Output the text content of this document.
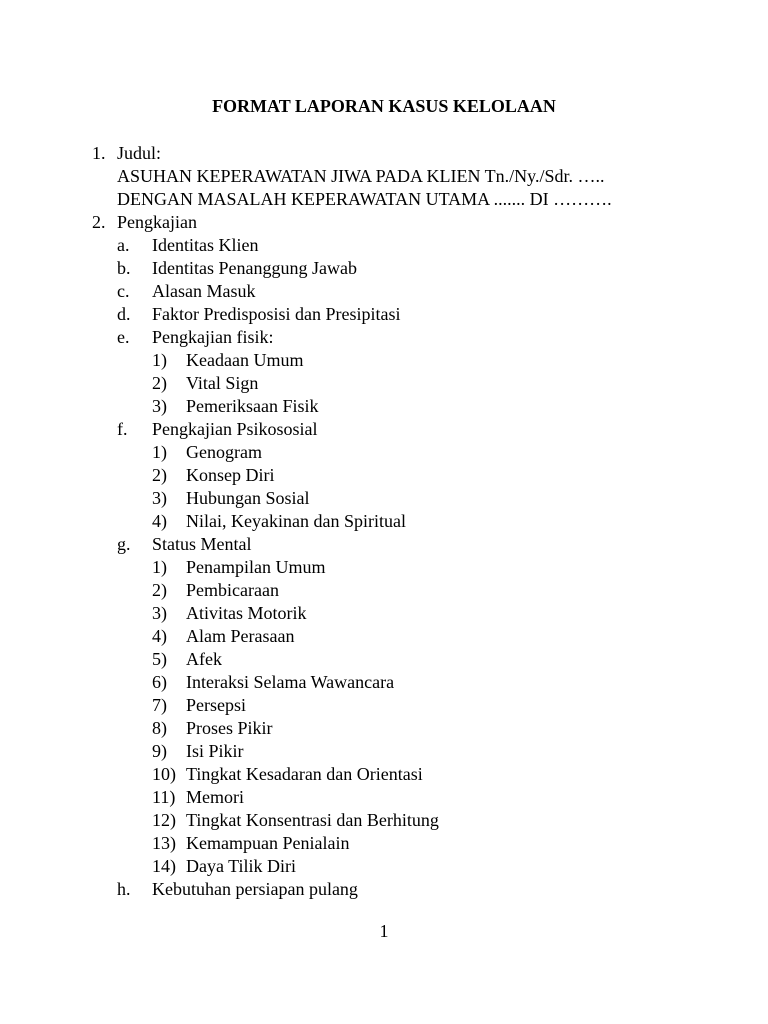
FORMAT LAPORAN KASUS KELOLAAN
1. Judul:
ASUHAN KEPERAWATAN JIWA PADA KLIEN Tn./Ny./Sdr. …..
DENGAN MASALAH KEPERAWATAN UTAMA ....... DI ……….
2. Pengkajian
a. Identitas Klien
b. Identitas Penanggung Jawab
c. Alasan Masuk
d. Faktor Predisposisi dan Presipitasi
e. Pengkajian fisik:
1) Keadaan Umum
2) Vital Sign
3) Pemeriksaan Fisik
f. Pengkajian Psikososial
1) Genogram
2) Konsep Diri
3) Hubungan Sosial
4) Nilai, Keyakinan dan Spiritual
g. Status Mental
1) Penampilan Umum
2) Pembicaraan
3) Ativitas Motorik
4) Alam Perasaan
5) Afek
6) Interaksi Selama Wawancara
7) Persepsi
8) Proses Pikir
9) Isi Pikir
10) Tingkat Kesadaran dan Orientasi
11) Memori
12) Tingkat Konsentrasi dan Berhitung
13) Kemampuan Penialain
14) Daya Tilik Diri
h. Kebutuhan persiapan pulang
1
